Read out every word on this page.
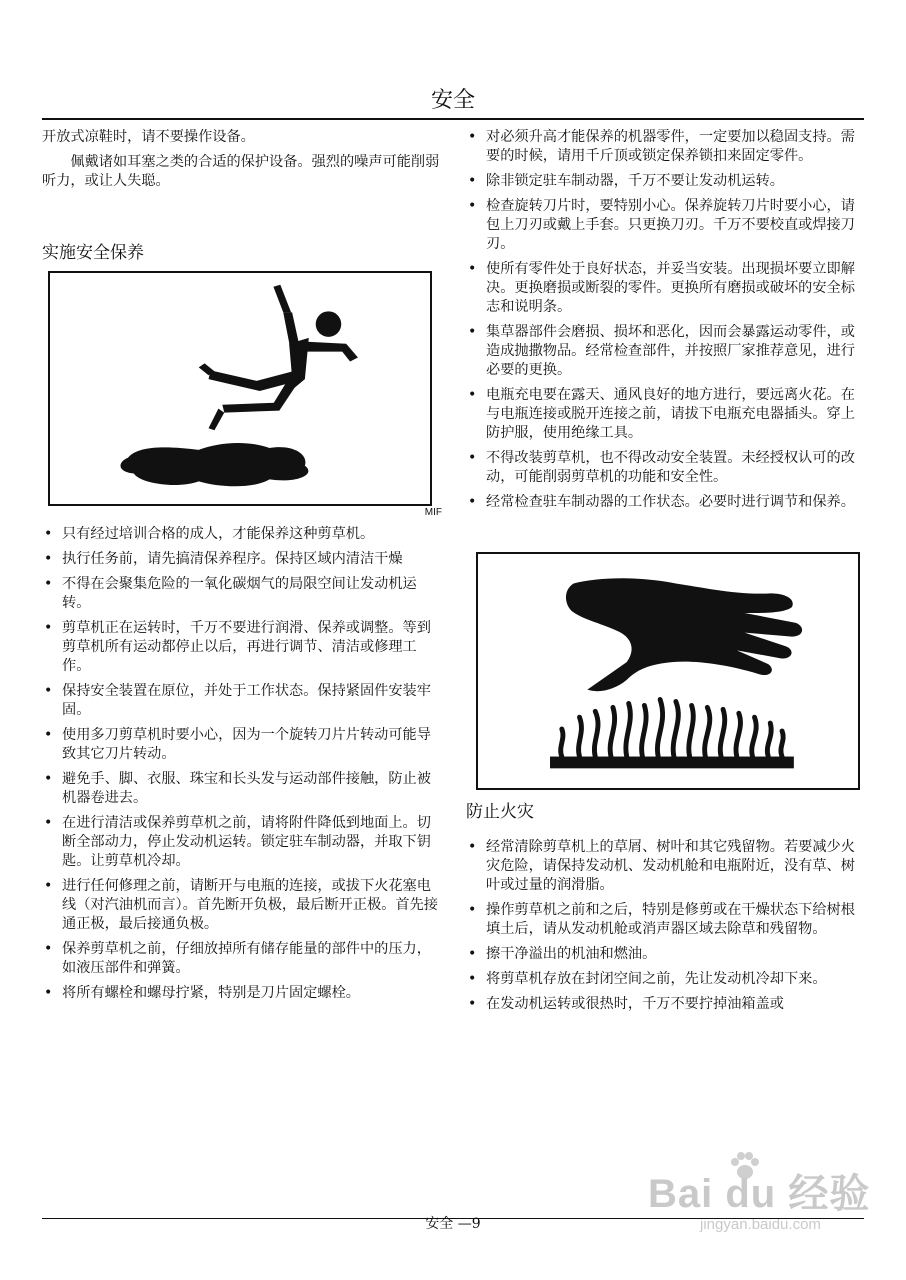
安全

开放式凉鞋时，请不要操作设备。

佩戴诸如耳塞之类的合适的保护设备。强烈的噪声可能削弱听力，或让人失聪。

实施安全保养

MIF

• 只有经过培训合格的成人，才能保养这种剪草机。
• 执行任务前，请先搞清保养程序。保持区域内清洁干燥
• 不得在会聚集危险的一氧化碳烟气的局限空间让发动机运转。
• 剪草机正在运转时，千万不要进行润滑、保养或调整。等到剪草机所有运动都停止以后，再进行调节、清洁或修理工作。
• 保持安全装置在原位，并处于工作状态。保持紧固件安装牢固。
• 使用多刀剪草机时要小心，因为一个旋转刀片片转动可能导致其它刀片转动。
• 避免手、脚、衣服、珠宝和长头发与运动部件接触，防止被机器卷进去。
• 在进行清洁或保养剪草机之前，请将附件降低到地面上。切断全部动力，停止发动机运转。锁定驻车制动器，并取下钥匙。让剪草机冷却。
• 进行任何修理之前，请断开与电瓶的连接，或拔下火花塞电线（对汽油机而言）。首先断开负极，最后断开正极。首先接通正极，最后接通负极。
• 保养剪草机之前，仔细放掉所有储存能量的部件中的压力，如液压部件和弹簧。
• 将所有螺栓和螺母拧紧，特别是刀片固定螺栓。
• 对必须升高才能保养的机器零件，一定要加以稳固支持。需要的时候，请用千斤顶或锁定保养锁扣来固定零件。
• 除非锁定驻车制动器，千万不要让发动机运转。
• 检查旋转刀片时，要特别小心。保养旋转刀片时要小心，请包上刀刃或戴上手套。只更换刀刃。千万不要校直或焊接刀刃。
• 使所有零件处于良好状态，并妥当安装。出现损坏要立即解决。更换磨损或断裂的零件。更换所有磨损或破坏的安全标志和说明条。
• 集草器部件会磨损、损坏和恶化，因而会暴露运动零件，或造成抛撒物品。经常检查部件，并按照厂家推荐意见，进行必要的更换。
• 电瓶充电要在露天、通风良好的地方进行，要远离火花。在与电瓶连接或脱开连接之前，请拔下电瓶充电器插头。穿上防护服，使用绝缘工具。
• 不得改装剪草机，也不得改动安全装置。未经授权认可的改动，可能削弱剪草机的功能和安全性。
• 经常检查驻车制动器的工作状态。必要时进行调节和保养。

防止火灾

• 经常清除剪草机上的草屑、树叶和其它残留物。若要减少火灾危险，请保持发动机、发动机舱和电瓶附近，没有草、树叶或过量的润滑脂。
• 操作剪草机之前和之后，特别是修剪或在干燥状态下给树根填土后，请从发动机舱或消声器区域去除草和残留物。
• 擦干净溢出的机油和燃油。
• 将剪草机存放在封闭空间之前，先让发动机冷却下来。
• 在发动机运转或很热时，千万不要拧掉油箱盖或
Bai du 经验
jingyan.baidu.com
安全 —9
